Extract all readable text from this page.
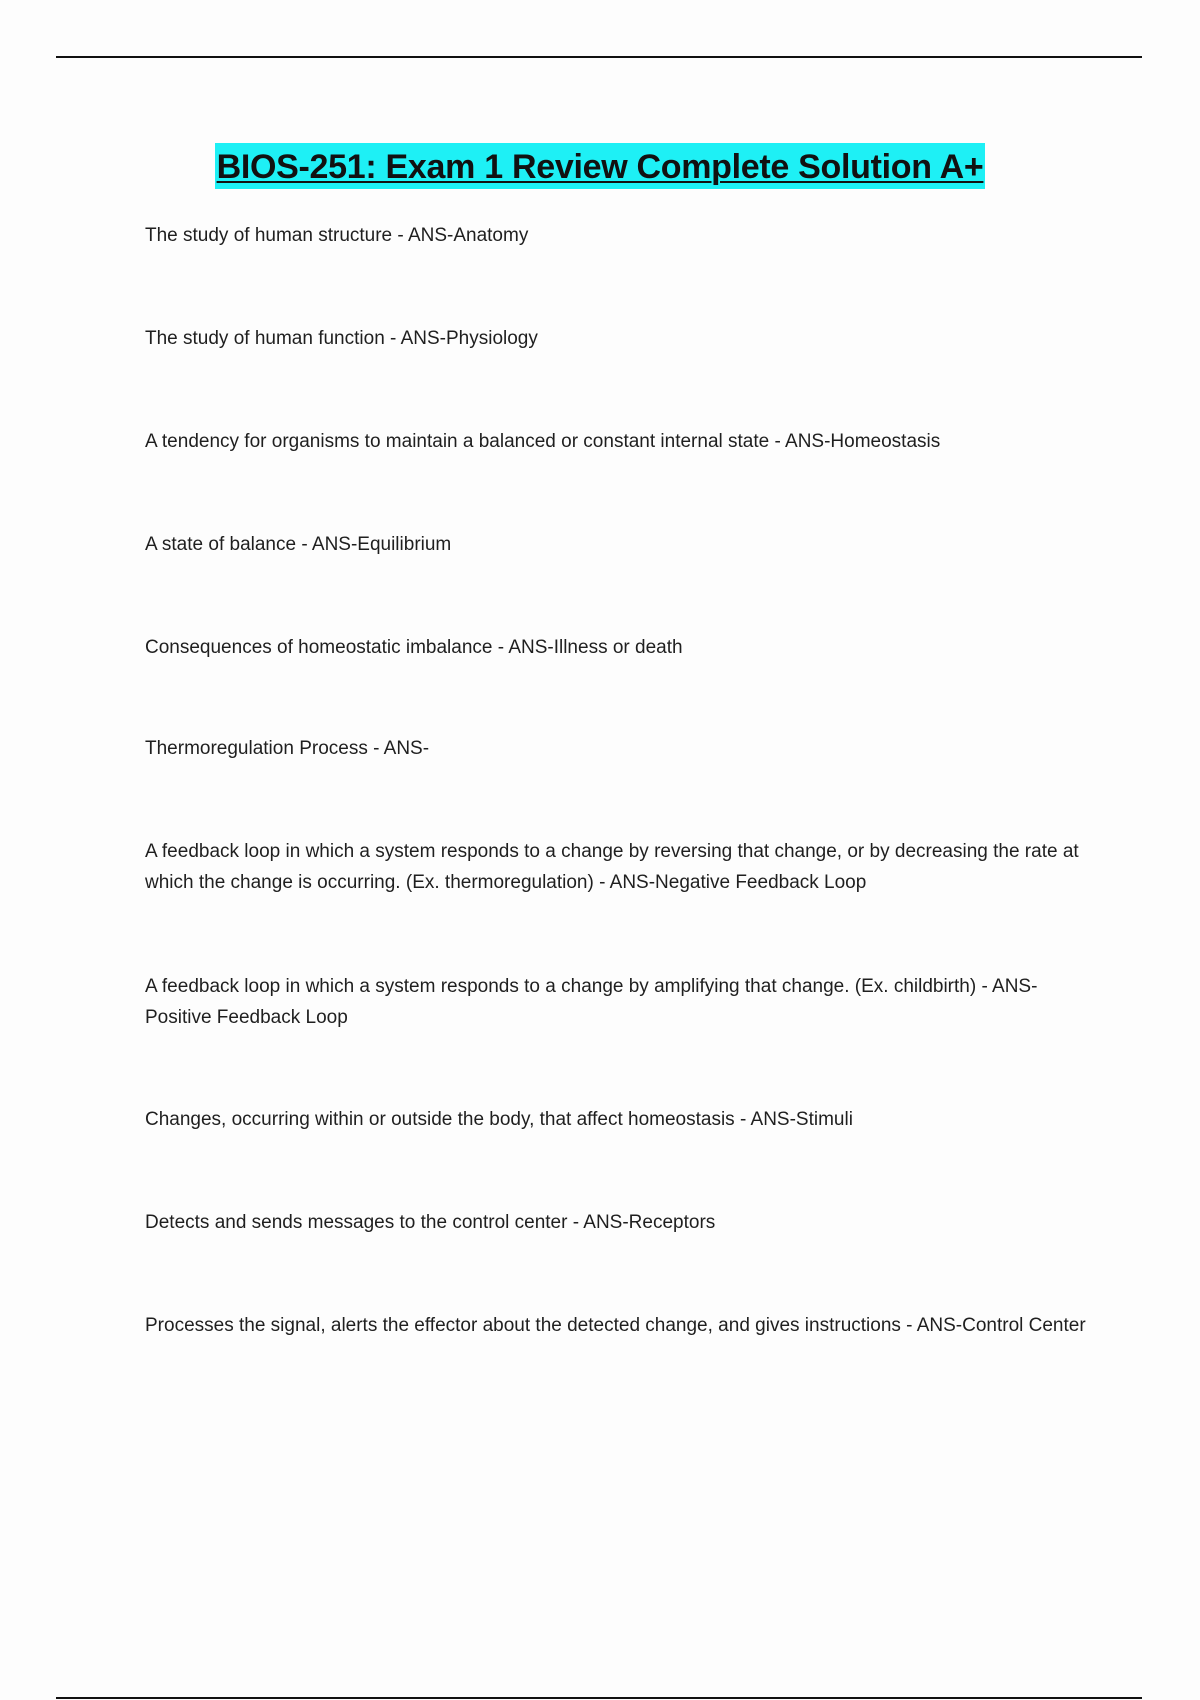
BIOS-251: Exam 1 Review Complete Solution A+

The study of human structure - ANS-Anatomy

The study of human function - ANS-Physiology

A tendency for organisms to maintain a balanced or constant internal state - ANS-Homeostasis

A state of balance - ANS-Equilibrium

Consequences of homeostatic imbalance - ANS-Illness or death

Thermoregulation Process - ANS-

A feedback loop in which a system responds to a change by reversing that change, or by decreasing the rate at which the change is occurring. (Ex. thermoregulation) - ANS-Negative Feedback Loop

A feedback loop in which a system responds to a change by amplifying that change. (Ex. childbirth) - ANS-Positive Feedback Loop

Changes, occurring within or outside the body, that affect homeostasis - ANS-Stimuli

Detects and sends messages to the control center - ANS-Receptors

Processes the signal, alerts the effector about the detected change, and gives instructions - ANS-Control Center
